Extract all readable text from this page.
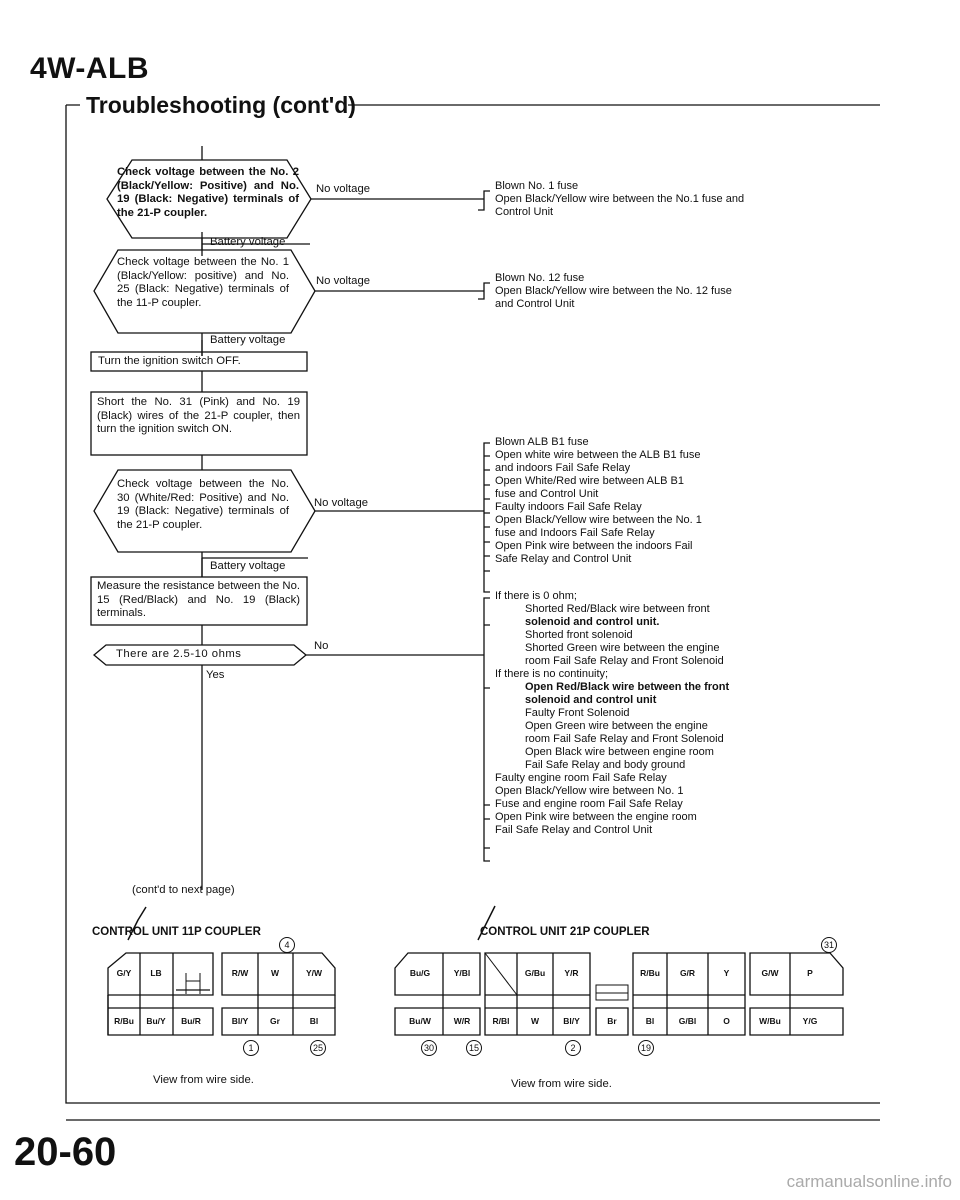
4W-ALB
Troubleshooting (cont'd)
Check voltage between the No. 2 (Black/Yellow: Positive) and No. 19 (Black: Negative) terminals of the 21-P coupler.
No voltage	Blown No. 1 fuse
Open Black/Yellow wire between the No.1 fuse and Control Unit
Battery voltage
Check voltage between the No. 1 (Black/Yellow: positive) and No. 25 (Black: Negative) terminals of the 11-P coupler.
No voltage	Blown No. 12 fuse
Open Black/Yellow wire between the No. 12 fuse and Control Unit
Battery voltage
Turn the ignition switch OFF.
Short the No. 31 (Pink) and No. 19 (Black) wires of the 21-P coupler, then turn the ignition switch ON.
Check voltage between the No. 30 (White/Red: Positive) and No. 19 (Black: Negative) terminals of the 21-P coupler.
No voltage
Blown ALB B1 fuse
Open white wire between the ALB B1 fuse
and indoors Fail Safe Relay
Open White/Red wire between ALB B1
fuse and Control Unit
Faulty indoors Fail Safe Relay
Open Black/Yellow wire between the No. 1
fuse and Indoors Fail Safe Relay
Open Pink wire between the indoors Fail
Safe Relay and Control Unit
Battery voltage
Measure the resistance between the No. 15 (Red/Black) and No. 19 (Black) terminals.
There are 2.5-10 ohms
No
Yes
If there is 0 ohm;
Shorted Red/Black wire between front
solenoid and control unit.
Shorted front solenoid
Shorted Green wire between the engine
room Fail Safe Relay and Front Solenoid
If there is no continuity;
Open Red/Black wire between the front
solenoid and control unit
Faulty Front Solenoid
Open Green wire between the engine
room Fail Safe Relay and Front Solenoid
Open Black wire between engine room
Fail Safe Relay and body ground
Faulty engine room Fail Safe Relay
Open Black/Yellow wire between No. 1
Fuse and engine room Fail Safe Relay
Open Pink wire between the engine room
Fail Safe Relay and Control Unit
(cont'd to next page)
CONTROL UNIT 11P COUPLER
4
G/Y	LB	R/W	W	Y/W
R/Bu	Bu/Y	Bu/R	Bl/Y	Gr	Bl
1	25
View from wire side.
CONTROL UNIT 21P COUPLER
31
Bu/G	Y/Bl	G/Bu	Y/R	R/Bu	G/R	Y	G/W	P
Bu/W	W/R	R/Bl	W	Bl/Y	Br	Bl	G/Bl	O	W/Bu	Y/G
30	15	2	19
View from wire side.
20-60
carmanualsonline.info
